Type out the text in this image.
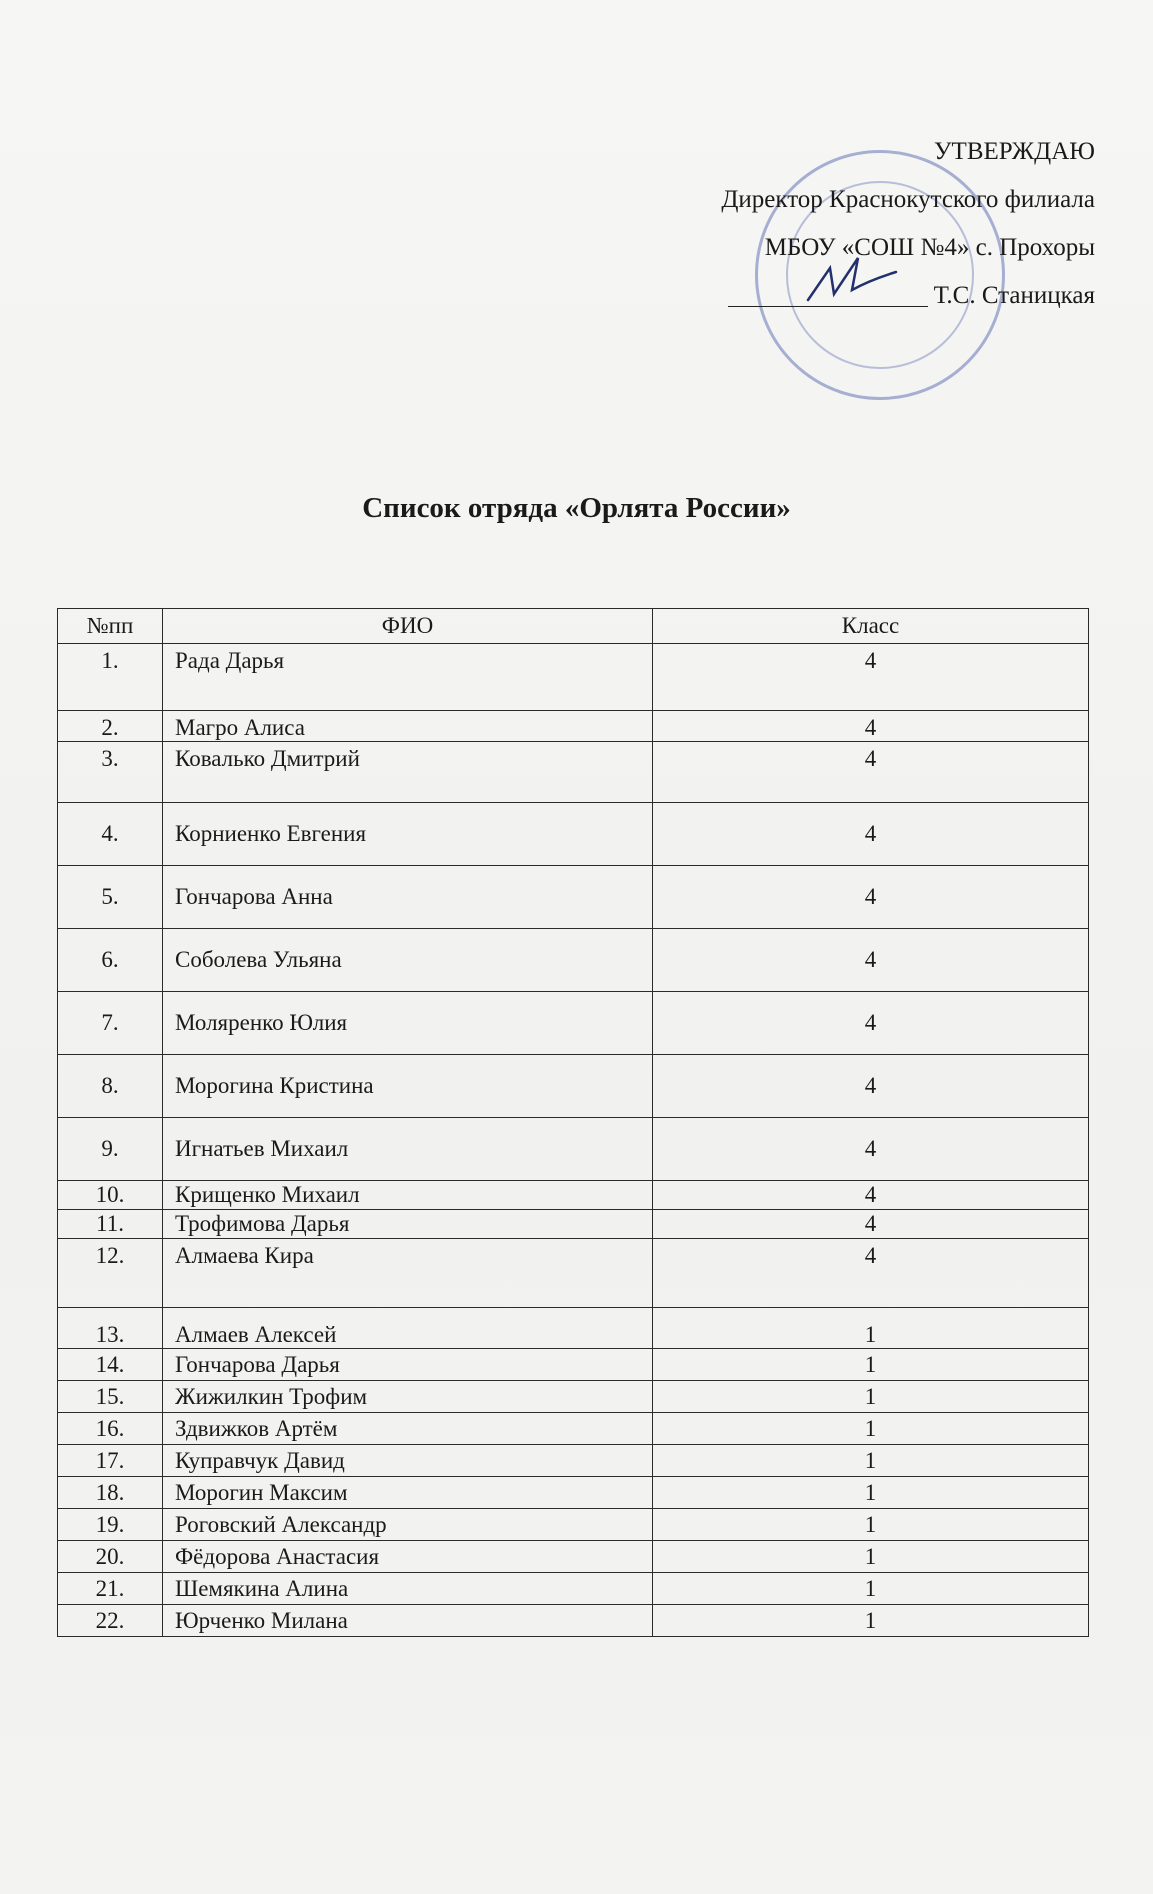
УТВЕРЖДАЮ
Директор Краснокутского филиала
МБОУ «СОШ №4» с. Прохоры
Т.С. Станицкая
Список отряда «Орлята России»
№пп	ФИО	Класс
1.	Рада Дарья	4
2.	Магро Алиса	4
3.	Ковалько Дмитрий	4
4.	Корниенко Евгения	4
5.	Гончарова Анна	4
6.	Соболева Ульяна	4
7.	Моляренко Юлия	4
8.	Морогина Кристина	4
9.	Игнатьев Михаил	4
10.	Крищенко Михаил	4
11.	Трофимова Дарья	4
12.	Алмаева Кира	4
13.	Алмаев Алексей	1
14.	Гончарова Дарья	1
15.	Жижилкин Трофим	1
16.	Здвижков Артём	1
17.	Куправчук Давид	1
18.	Морогин Максим	1
19.	Роговский Александр	1
20.	Фёдорова Анастасия	1
21.	Шемякина Алина	1
22.	Юрченко Милана	1
